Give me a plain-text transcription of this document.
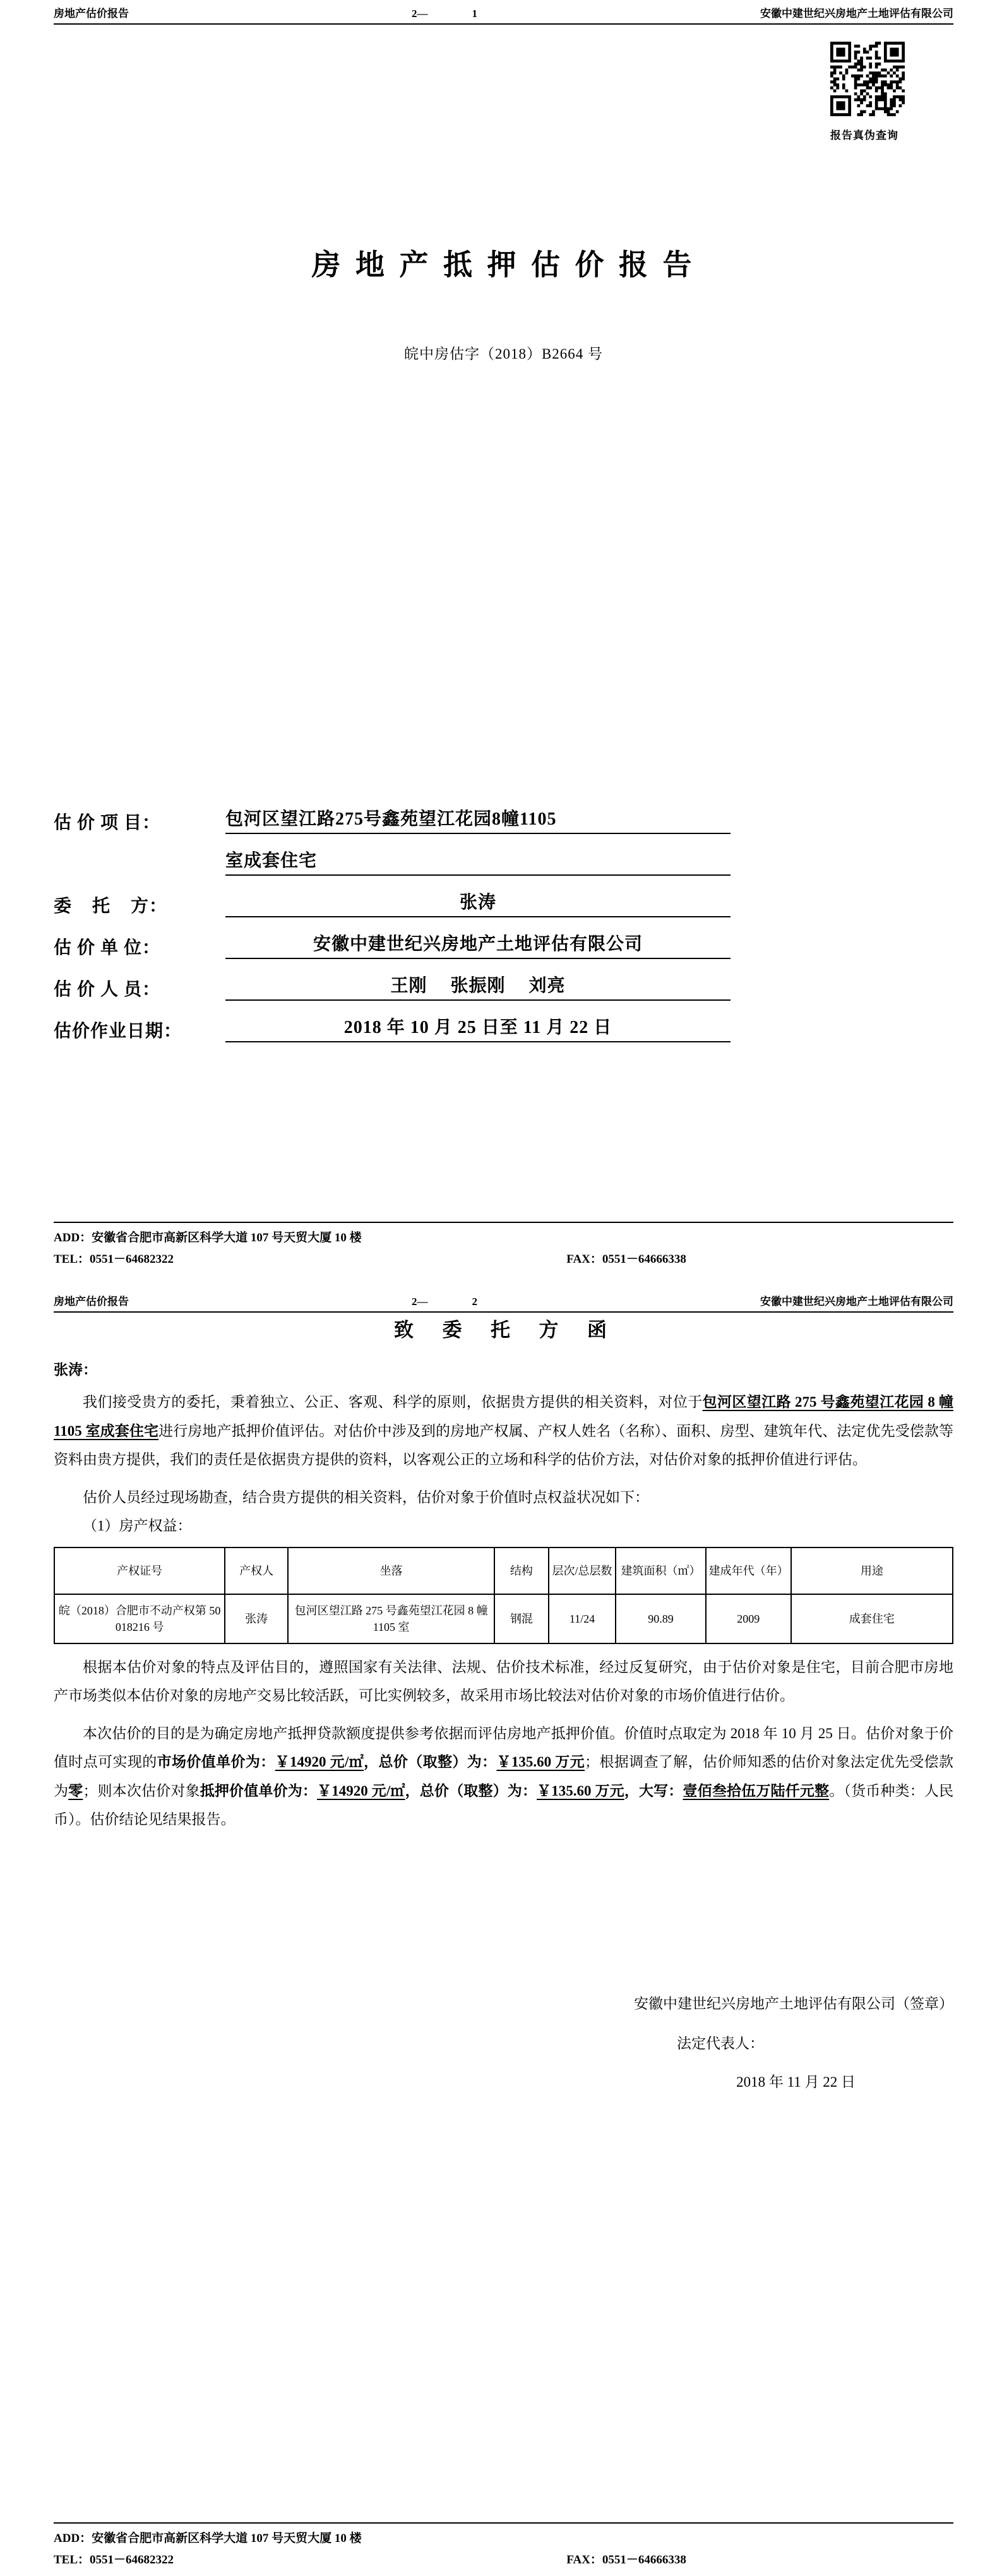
房地产估价报告	2—	1	安徽中建世纪兴房地产土地评估有限公司
报告真伪查询
房 地 产 抵 押 估 价 报 告
皖中房估字（2018）B2664 号
估 价 项 目：	包河区望江路275号鑫苑望江花园8幢1105
室成套住宅
委    托    方：	张涛
估 价 单 位：	安徽中建世纪兴房地产土地评估有限公司
估 价 人 员：	王刚　 张振刚　 刘亮
估价作业日期：	2018 年 10 月 25 日至 11 月 22 日
ADD：安徽省合肥市高新区科学大道 107 号天贸大厦 10 楼
TEL：0551－64682322	FAX：0551－64666338
房地产估价报告	2—	2	安徽中建世纪兴房地产土地评估有限公司
致  委  托  方  函
张涛：

我们接受贵方的委托，秉着独立、公正、客观、科学的原则，依据贵方提供的相关资料，对位于包河区望江路 275 号鑫苑望江花园 8 幢 1105 室成套住宅进行房地产抵押价值评估。对估价中涉及到的房地产权属、产权人姓名（名称）、面积、房型、建筑年代、法定优先受偿款等资料由贵方提供，我们的责任是依据贵方提供的资料，以客观公正的立场和科学的估价方法，对估价对象的抵押价值进行评估。

估价人员经过现场勘查，结合贵方提供的相关资料，估价对象于价值时点权益状况如下：

（1）房产权益：

产权证号	产权人	坐落	结构	层次/总层数	建筑面积（㎡）	建成年代（年）	用途
皖（2018）合肥市不动产权第 50018216 号	张涛	包河区望江路 275 号鑫苑望江花园 8 幢 1105 室	钢混	11/24	90.89	2009	成套住宅

根据本估价对象的特点及评估目的，遵照国家有关法律、法规、估价技术标准，经过反复研究，由于估价对象是住宅，目前合肥市房地产市场类似本估价对象的房地产交易比较活跃，可比实例较多，故采用市场比较法对估价对象的市场价值进行估价。

本次估价的目的是为确定房地产抵押贷款额度提供参考依据而评估房地产抵押价值。价值时点取定为 2018 年 10 月 25 日。估价对象于价值时点可实现的市场价值单价为：￥14920 元/㎡，总价（取整）为：￥135.60 万元；根据调查了解，估价师知悉的估价对象法定优先受偿款为零；则本次估价对象抵押价值单价为：￥14920 元/㎡，总价（取整）为：￥135.60 万元，大写：壹佰叁拾伍万陆仟元整。（货币种类：人民币）。估价结论见结果报告。

安徽中建世纪兴房地产土地评估有限公司（签章）
法定代表人：
2018 年 11 月 22 日
ADD：安徽省合肥市高新区科学大道 107 号天贸大厦 10 楼
TEL：0551－64682322	FAX：0551－64666338
